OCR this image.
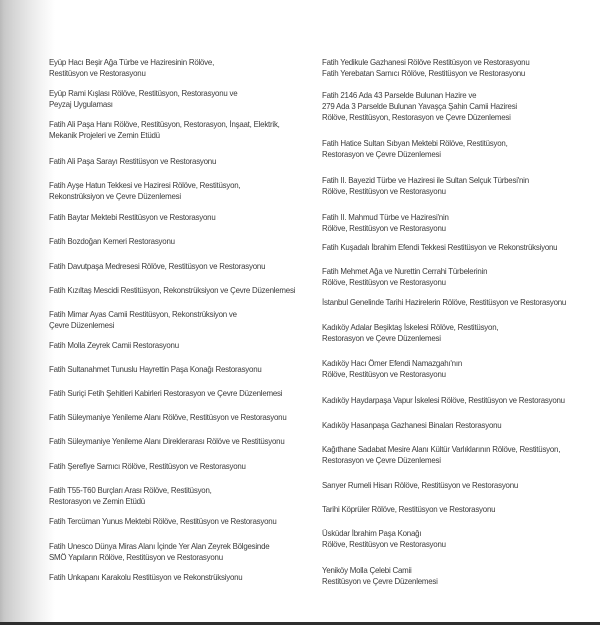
Eyüp Hacı Beşir Ağa Türbe ve Haziresinin Rölöve,
Restitüsyon ve Restorasyonu
Eyüp Rami Kışlası Rölöve, Restitüsyon, Restorasyonu ve
Peyzaj Uygulaması
Fatih Ali Paşa Hanı Rölöve, Restitüsyon, Restorasyon, İnşaat, Elektrik,
Mekanik Projeleri ve Zemin Etüdü
Fatih Ali Paşa Sarayı Restitüsyon ve Restorasyonu
Fatih Ayşe Hatun Tekkesi ve Haziresi Rölöve, Restitüsyon,
Rekonstrüksiyon ve Çevre Düzenlemesi
Fatih Baytar Mektebi Restitüsyon ve Restorasyonu
Fatih Bozdoğan Kemeri Restorasyonu
Fatih Davutpaşa Medresesi Rölöve, Restitüsyon ve Restorasyonu
Fatih Kızıltaş Mescidi Restitüsyon, Rekonstrüksiyon ve Çevre Düzenlemesi
Fatih Mimar Ayas Camii Restitüsyon, Rekonstrüksiyon ve
Çevre Düzenlemesi
Fatih Molla Zeyrek Camii Restorasyonu
Fatih Sultanahmet Tunuslu Hayrettin Paşa Konağı Restorasyonu
Fatih Suriçi Fetih Şehitleri Kabirleri Restorasyon ve Çevre Düzenlemesi
Fatih Süleymaniye Yenileme Alanı Rölöve, Restitüsyon ve Restorasyonu
Fatih Süleymaniye Yenileme Alanı Direklerarası Rölöve ve Restitüsyonu
Fatih Şerefiye Sarnıcı Rölöve, Restitüsyon ve Restorasyonu
Fatih T55-T60 Burçları Arası Rölöve, Restitüsyon,
Restorasyon ve Zemin Etüdü
Fatih Tercüman Yunus Mektebi Rölöve, Restitüsyon ve Restorasyonu
Fatih Unesco Dünya Miras Alanı İçinde Yer Alan Zeyrek Bölgesinde
SMÖ Yapıların Rölöve, Restitüsyon ve Restorasyonu
Fatih Unkapanı Karakolu Restitüsyon ve Rekonstrüksiyonu
Fatih Yedikule Gazhanesi Rölöve Restitüsyon ve Restorasyonu
Fatih Yerebatan Sarnıcı Rölöve, Restitüsyon ve Restorasyonu
Fatih 2146 Ada 43 Parselde Bulunan Hazire ve
279 Ada 3 Parselde Bulunan Yavaşça Şahin Camii Haziresi
Rölöve, Restitüsyon, Restorasyon ve Çevre Düzenlemesi
Fatih Hatice Sultan Sıbyan Mektebi Rölöve, Restitüsyon,
Restorasyon ve Çevre Düzenlemesi
Fatih II. Bayezid Türbe ve Haziresi ile Sultan Selçuk Türbesi'nin
Rölöve, Restitüsyon ve Restorasyonu
Fatih II. Mahmud Türbe ve Haziresi'nin
Rölöve, Restitüsyon ve Restorasyonu
Fatih Kuşadalı İbrahim Efendi Tekkesi Restitüsyon ve Rekonstrüksiyonu
Fatih Mehmet Ağa ve Nurettin Cerrahi Türbelerinin
Rölöve, Restitüsyon ve Restorasyonu
İstanbul Genelinde Tarihi Hazirelerin Rölöve, Restitüsyon ve Restorasyonu
Kadıköy Adalar Beşiktaş İskelesi Rölöve, Restitüsyon,
Restorasyon ve Çevre Düzenlemesi
Kadıköy Hacı Ömer Efendi Namazgahı'nın
Rölöve, Restitüsyon ve Restorasyonu
Kadıköy Haydarpaşa Vapur İskelesi Rölöve, Restitüsyon ve Restorasyonu
Kadıköy Hasanpaşa Gazhanesi Binaları Restorasyonu
Kağıthane Sadabat Mesire Alanı Kültür Varlıklarının Rölöve, Restitüsyon,
Restorasyon ve Çevre Düzenlemesi
Sarıyer Rumeli Hisarı Rölöve, Restitüsyon ve Restorasyonu
Tarihi Köprüler Rölöve, Restitüsyon ve Restorasyonu
Üsküdar İbrahim Paşa Konağı
Rölöve, Restitüsyon ve Restorasyonu
Yeniköy Molla Çelebi Camii
Restitüsyon ve Çevre Düzenlemesi
